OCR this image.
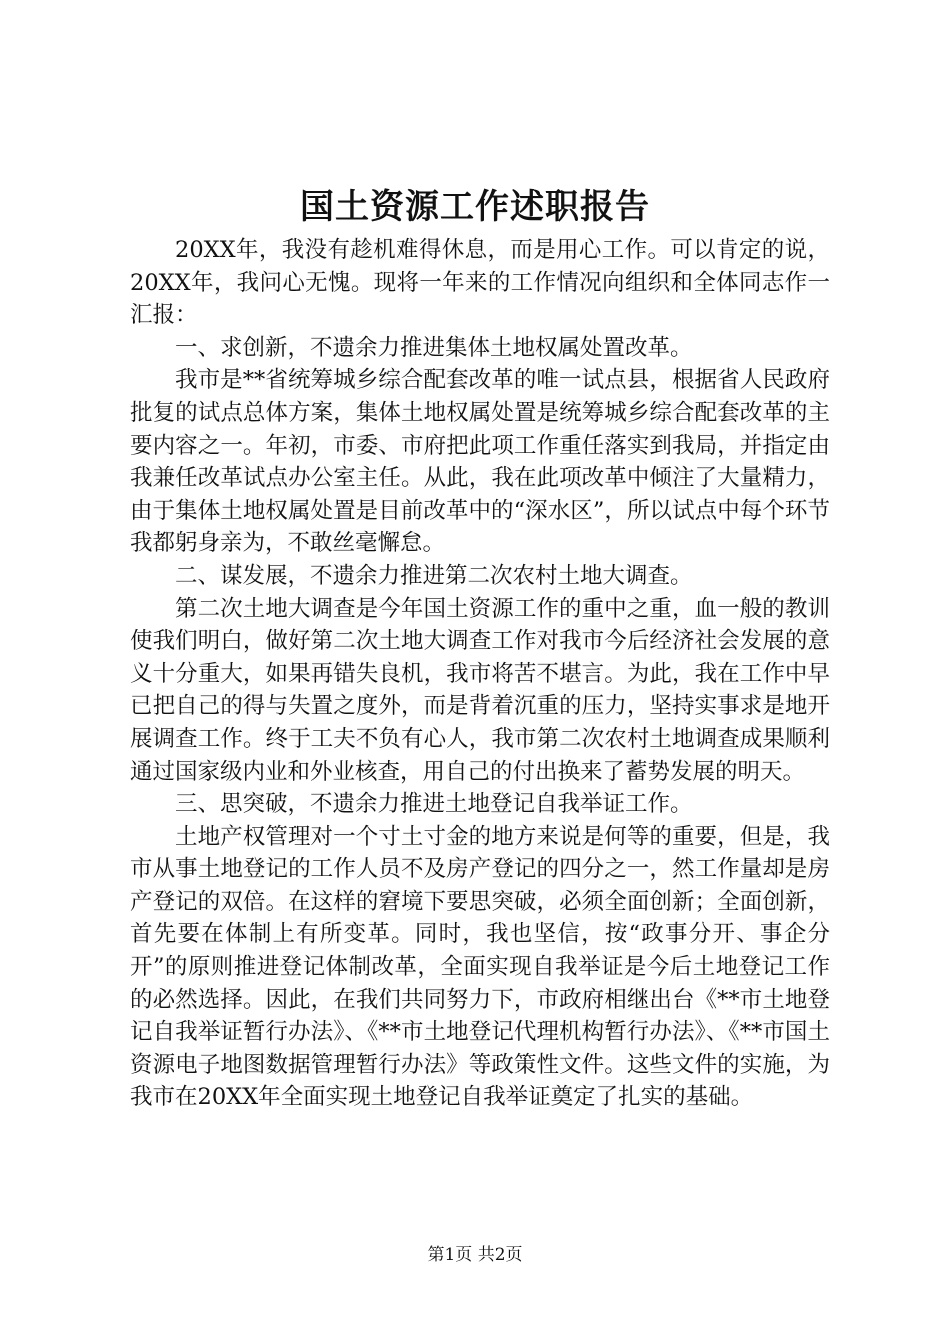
国土资源工作述职报告

20XX年，我没有趁机难得休息，而是用心工作。可以肯定的说，20XX年，我问心无愧。现将一年来的工作情况向组织和全体同志作一汇报：

一、求创新，不遗余力推进集体土地权属处置改革。

我市是**省统筹城乡综合配套改革的唯一试点县，根据省人民政府批复的试点总体方案，集体土地权属处置是统筹城乡综合配套改革的主要内容之一。年初，市委、市府把此项工作重任落实到我局，并指定由我兼任改革试点办公室主任。从此，我在此项改革中倾注了大量精力，由于集体土地权属处置是目前改革中的“深水区”，所以试点中每个环节我都躬身亲为，不敢丝毫懈怠。

二、谋发展，不遗余力推进第二次农村土地大调查。

第二次土地大调查是今年国土资源工作的重中之重，血一般的教训使我们明白，做好第二次土地大调查工作对我市今后经济社会发展的意义十分重大，如果再错失良机，我市将苦不堪言。为此，我在工作中早已把自己的得与失置之度外，而是背着沉重的压力，坚持实事求是地开展调查工作。终于工夫不负有心人，我市第二次农村土地调查成果顺利通过国家级内业和外业核查，用自己的付出换来了蓄势发展的明天。

三、思突破，不遗余力推进土地登记自我举证工作。

土地产权管理对一个寸土寸金的地方来说是何等的重要，但是，我市从事土地登记的工作人员不及房产登记的四分之一，然工作量却是房产登记的双倍。在这样的窘境下要思突破，必须全面创新；全面创新，首先要在体制上有所变革。同时，我也坚信，按“政事分开、事企分开”的原则推进登记体制改革，全面实现自我举证是今后土地登记工作的必然选择。因此，在我们共同努力下，市政府相继出台《**市土地登记自我举证暂行办法》、《**市土地登记代理机构暂行办法》、《**市国土资源电子地图数据管理暂行办法》等政策性文件。这些文件的实施，为我市在20XX年全面实现土地登记自我举证奠定了扎实的基础。

第1页 共2页
